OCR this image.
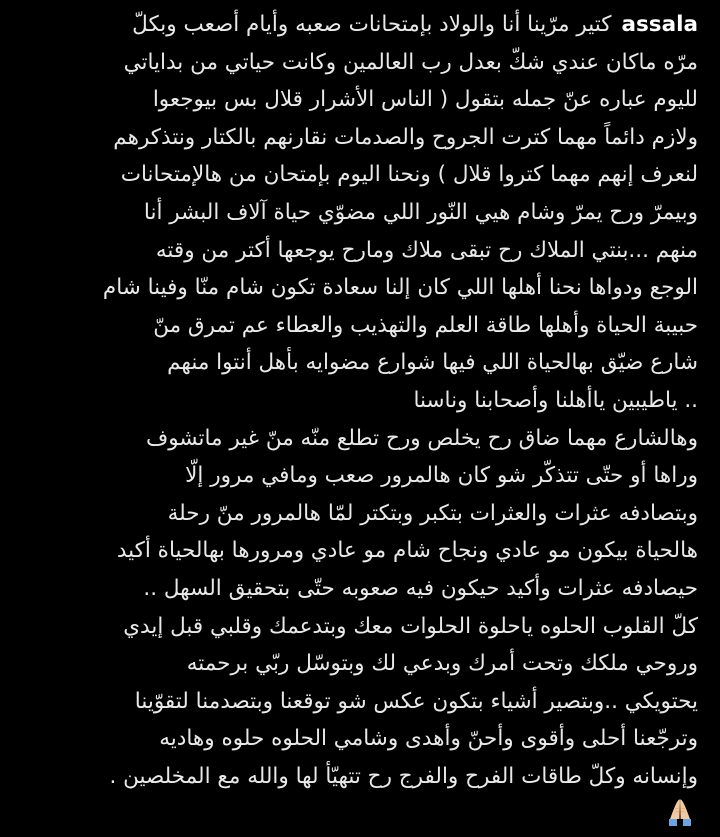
assalaكتير مرّينا أنا والولاد بإمتحانات صعبه وأيام أصعب وبكلّ
مرّه ماكان عندي شكّ بعدل رب العالمين وكانت حياتي من بداياتي
لليوم عباره عنّ جمله بتقول ( الناس الأشرار قلال بس بيوجعوا
ولازم دائماً مهما كترت الجروح والصدمات نقارنهم بالكتار ونتذكرهم
لنعرف إنهم مهما كتروا قلال ) ونحنا اليوم بإمتحان من هالإمتحانات
وبيمرّ ورح يمرّ وشام هيي النّور اللي مضوّي حياة آلاف البشر أنا
منهم ...بنتي الملاك رح تبقى ملاك ومارح يوجعها أكتر من وقته
الوجع ودواها نحنا أهلها اللي كان إلنا سعادة تكون شام منّا وفينا شام
حبيبة الحياة وأهلها طاقة العلم والتهذيب والعطاء عم تمرق منّ
شارع ضيّق بهالحياة اللي فيها شوارع مضوايه بأهل أنتوا منهم
.. ياطيبين ياأهلنا وأصحابنا وناسنا
وهالشارع مهما ضاق رح يخلص ورح تطلع منّه منّ غير ماتشوف
وراها أو حتّى تتذكّر شو كان هالمرور صعب ومافي مرور إلّا
وبتصادفه عثرات والعثرات بتكبر وبتكتر لمّا هالمرور منّ رحلة
هالحياة بيكون مو عادي ونجاح شام مو عادي ومرورها بهالحياة أكيد
حيصادفه عثرات وأكيد حيكون فيه صعوبه حتّى بتحقيق السهل ..
كلّ القلوب الحلوه ياحلوة الحلوات معك وبتدعمك وقلبي قبل إيدي
وروحي ملكك وتحت أمرك وبدعي لك وبتوسّل ربّي برحمته
يحتويكي ..وبتصير أشياء بتكون عكس شو توقعنا وبتصدمنا لتقوّينا
وترجّعنا أحلى وأقوى وأحنّ وأهدى وشامي الحلوه حلوه وهاديه
وإنسانه وكلّ طاقات الفرح والفرج رح تتهيّأ لها والله مع المخلصين .
